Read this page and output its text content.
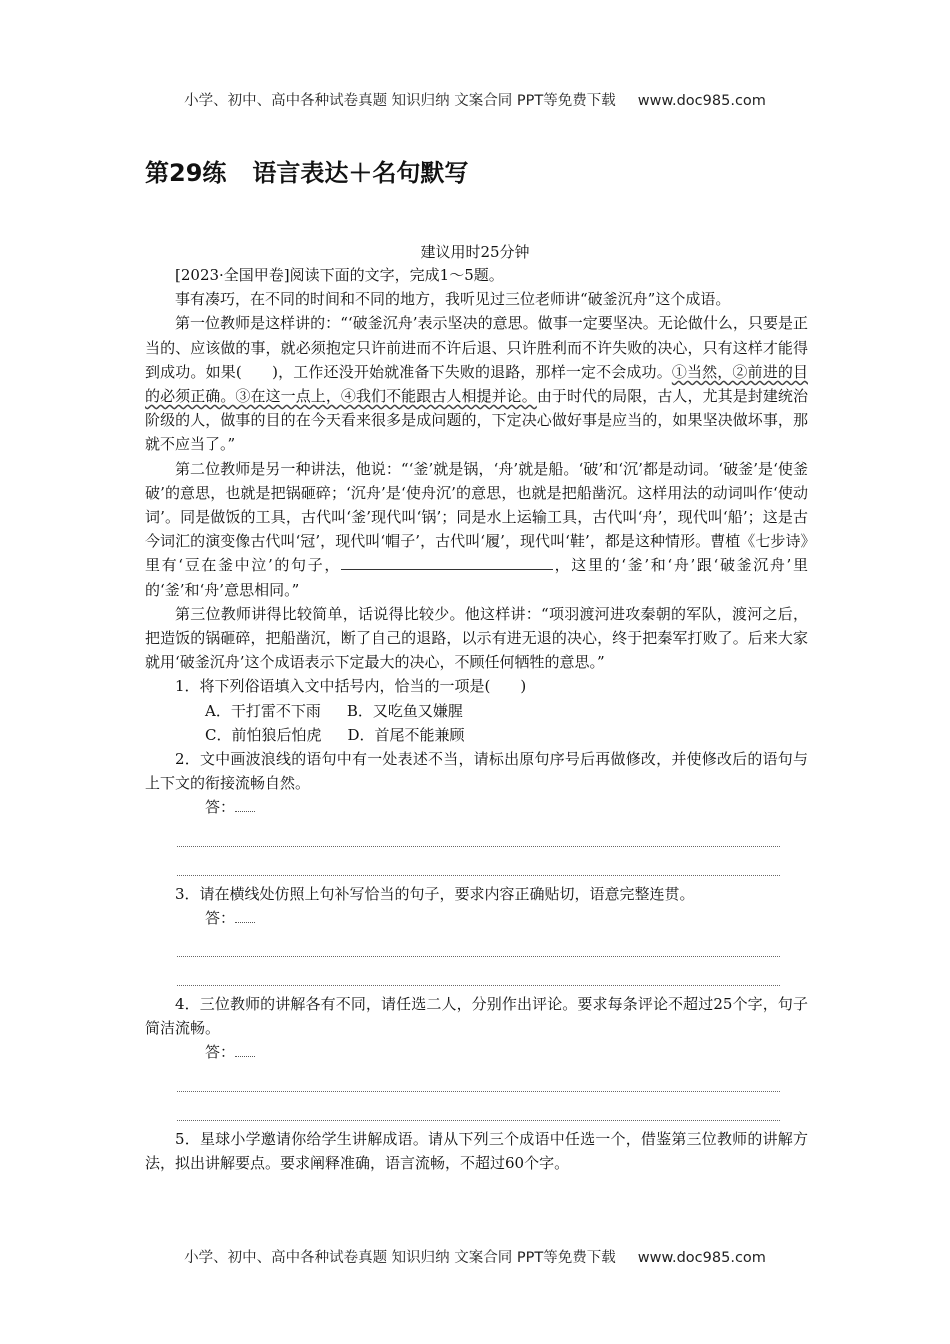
小学、初中、高中各种试卷真题 知识归纳 文案合同 PPT等免费下载 www.doc985.com
第29练 语言表达＋名句默写
建议用时25分钟

[2023·全国甲卷]阅读下面的文字，完成1～5题。

事有凑巧，在不同的时间和不同的地方，我听见过三位老师讲“破釜沉舟”这个成语。

第一位教师是这样讲的：“‘破釜沉舟’表示坚决的意思。做事一定要坚决。无论做什么，只要是正当的、应该做的事，就必须抱定只许前进而不许后退、只许胜利而不许失败的决心，只有这样才能得到成功。如果(　　)，工作还没开始就准备下失败的退路，那样一定不会成功。①当然，②前进的目的必须正确。③在这一点上，④我们不能跟古人相提并论。由于时代的局限，古人，尤其是封建统治阶级的人，做事的目的在今天看来很多是成问题的，下定决心做好事是应当的，如果坚决做坏事，那就不应当了。”

第二位教师是另一种讲法，他说：“‘釜’就是锅，‘舟’就是船。‘破’和‘沉’都是动词。‘破釜’是‘使釜破’的意思，也就是把锅砸碎；‘沉舟’是‘使舟沉’的意思，也就是把船凿沉。这样用法的动词叫作‘使动词’。同是做饭的工具，古代叫‘釜’现代叫‘锅’；同是水上运输工具，古代叫‘舟’，现代叫‘船’；这是古今词汇的演变像古代叫‘冠’，现代叫‘帽子’，古代叫‘履’，现代叫‘鞋’，都是这种情形。曹植《七步诗》里有‘豆在釜中泣’的句子，	，这里的‘釜’和‘舟’跟‘破釜沉舟’里的‘釜’和‘舟’意思相同。”

第三位教师讲得比较简单，话说得比较少。他这样讲：“项羽渡河进攻秦朝的军队，渡河之后，把造饭的锅砸碎，把船凿沉，断了自己的退路，以示有进无退的决心，终于把秦军打败了。后来大家就用‘破釜沉舟’这个成语表示下定最大的决心，不顾任何牺牲的意思。”

1．将下列俗语填入文中括号内，恰当的一项是(　　)

A．干打雷不下雨 B．又吃鱼又嫌腥

C．前怕狼后怕虎 D．首尾不能兼顾

2．文中画波浪线的语句中有一处表述不当，请标出原句序号后再做修改，并使修改后的语句与上下文的衔接流畅自然。

答：

3．请在横线处仿照上句补写恰当的句子，要求内容正确贴切，语意完整连贯。

答：

4．三位教师的讲解各有不同，请任选二人，分别作出评论。要求每条评论不超过25个字，句子简洁流畅。

答：

5．星球小学邀请你给学生讲解成语。请从下列三个成语中任选一个，借鉴第三位教师的讲解方法，拟出讲解要点。要求阐释准确，语言流畅，不超过60个字。

小学、初中、高中各种试卷真题 知识归纳 文案合同 PPT等免费下载 www.doc985.com
